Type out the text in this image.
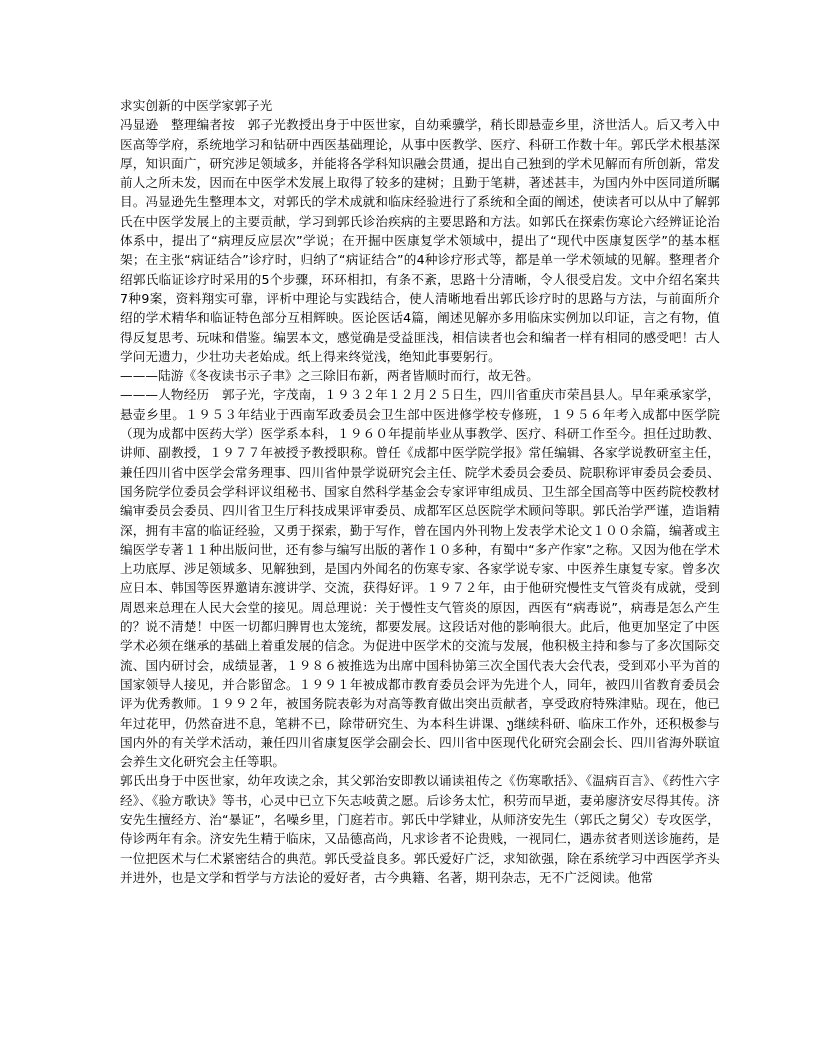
求实创新的中医学家郭子光

冯显逊　整理编者按　郭子光教授出身于中医世家，自幼乘骥学，稍长即悬壶乡里，济世活人。后又考入中医高等学府，系统地学习和钻研中西医基础理论，从事中医教学、医疗、科研工作数十年。郭氏学术根基深厚，知识面广，研究涉足领域多，并能将各学科知识融会贯通，提出自己独到的学术见解而有所创新，常发前人之所未发，因而在中医学术发展上取得了较多的建树；且勤于笔耕，著述甚丰，为国内外中医同道所瞩目。冯显逊先生整理本文，对郭氏的学术成就和临床经验进行了系统和全面的阐述，使读者可以从中了解郭氏在中医学发展上的主要贡献，学习到郭氏诊治疾病的主要思路和方法。如郭氏在探索伤寒论六经辨证论治体系中，提出了“病理反应层次”学说；在开掘中医康复学术领域中，提出了“现代中医康复医学”的基本框架；在主张“病证结合”诊疗时，归纳了“病证结合”的4种诊疗形式等，都是单一学术领域的见解。整理者介绍郭氏临证诊疗时采用的5个步骤，环环相扣，有条不紊，思路十分清晰，令人很受启发。文中介绍名案共7种9案，资料翔实可靠，评析中理论与实践结合，使人清晰地看出郭氏诊疗时的思路与方法，与前面所介绍的学术精华和临证特色部分互相辉映。医论医话4篇，阐述见解亦多用临床实例加以印证，言之有物，值得反复思考、玩味和借鉴。编罢本文，感觉确是受益匪浅，相信读者也会和编者一样有相同的感受吧！古人学问无遗力，少壮功夫老始成。纸上得来终觉浅，绝知此事要躬行。

———陆游《冬夜读书示子聿》之三除旧布新，两者皆顺时而行，故无咎。

———人物经历　郭子光，字茂南，１９３２年１２月２５日生，四川省重庆市荣昌县人。早年乘承家学，悬壶乡里。１９５３年结业于西南军政委员会卫生部中医进修学校专修班，１９５６年考入成都中医学院（现为成都中医药大学）医学系本科，１９６０年提前毕业从事教学、医疗、科研工作至今。担任过助教、讲师、副教授，１９７７年被授予教授职称。曾任《成都中医学院学报》常任编辑、各家学说教研室主任，兼任四川省中医学会常务理事、四川省仲景学说研究会主任、院学术委员会委员、院职称评审委员会委员、国务院学位委员会学科评议组秘书、国家自然科学基金会专家评审组成员、卫生部全国高等中医药院校教材编审委员会委员、四川省卫生厅科技成果评审委员、成都军区总医院学术顾问等职。郭氏治学严谨，造诣精深，拥有丰富的临证经验，又勇于探索，勤于写作，曾在国内外刊物上发表学术论文１００余篇，编著或主编医学专著１１种出版问世，还有参与编写出版的著作１０多种，有蜀中“多产作家”之称。又因为他在学术上功底厚、涉足领域多、见解独到，是国内外闻名的伤寒专家、各家学说专家、中医养生康复专家。曾多次应日本、韩国等医界邀请东渡讲学、交流，获得好评。１９７２年，由于他研究慢性支气管炎有成就，受到周恩来总理在人民大会堂的接见。周总理说：关于慢性支气管炎的原因，西医有“病毒说”，病毒是怎么产生的？说不清楚！中医一切都归脾胃也太笼统，都要发展。这段话对他的影响很大。此后，他更加坚定了中医学术必须在继承的基础上着重发展的信念。为促进中医学术的交流与发展，他积极主持和参与了多次国际交流、国内研讨会，成绩显著，１９８６被推选为出席中国科协第三次全国代表大会代表，受到邓小平为首的国家领导人接见，并合影留念。１９９１年被成都市教育委员会评为先进个人，同年，被四川省教育委员会评为优秀教师。１９９２年，被国务院表彰为对高等教育做出突出贡献者，享受政府特殊津贴。现在，他已年过花甲，仍然奋进不息，笔耕不已，除带研究生、为本科生讲课、უ继续科研、临床工作外，还积极参与国内外的有关学术活动，兼任四川省康复医学会副会长、四川省中医现代化研究会副会长、四川省海外联谊会养生文化研究会主任等职。

郭氏出身于中医世家，幼年攻读之余，其父郭治安即教以诵读祖传之《伤寒歌括》、《温病百言》、《药性六字经》、《验方歌诀》等书，心灵中已立下矢志岐黄之愿。后诊务太忙，积劳而早逝，妻弟廖济安尽得其传。济安先生擅经方、治“暴证”，名噪乡里，门庭若市。郭氏中学肄业，从师济安先生（郭氏之舅父）专攻医学，侍诊两年有余。济安先生精于临床，又品德高尚，凡求诊者不论贵贱，一视同仁，遇赤贫者则送诊施药，是一位把医术与仁术紧密结合的典范。郭氏受益良多。郭氏爱好广泛，求知欲强，除在系统学习中西医学齐头并进外，也是文学和哲学与方法论的爱好者，古今典籍、名著，期刊杂志，无不广泛阅读。他常
